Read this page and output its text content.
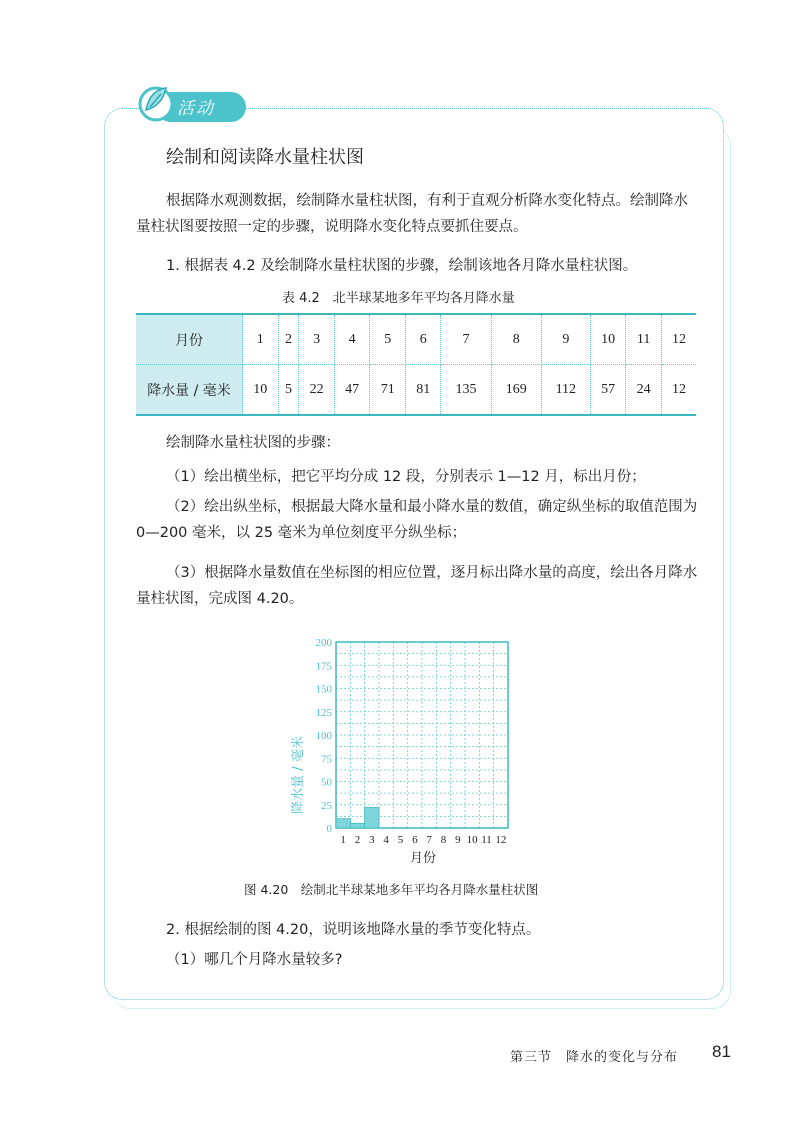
活动
绘制和阅读降水量柱状图
根据降水观测数据，绘制降水量柱状图，有利于直观分析降水变化特点。绘制降水量柱状图要按照一定的步骤，说明降水变化特点要抓住要点。
1. 根据表 4.2 及绘制降水量柱状图的步骤，绘制该地各月降水量柱状图。
表 4.2　北半球某地多年平均各月降水量
月份	1	2	3	4	5	6	7	8	9	10	11	12
降水量 / 毫米	10	5	22	47	71	81	135	169	112	57	24	12
绘制降水量柱状图的步骤：
（1）绘出横坐标，把它平均分成 12 段，分别表示 1—12 月，标出月份；
（2）绘出纵坐标，根据最大降水量和最小降水量的数值，确定纵坐标的取值范围为 0—200 毫米，以 25 毫米为单位刻度平分纵坐标；
（3）根据降水量数值在坐标图的相应位置，逐月标出降水量的高度，绘出各月降水量柱状图，完成图 4.20。
0
25
50
75
100
125
150
175
200
1 2 3 4 5 6 7 8 9 10 11 12
降水量 / 毫米
月份
图 4.20　绘制北半球某地多年平均各月降水量柱状图
2. 根据绘制的图 4.20，说明该地降水量的季节变化特点。
（1）哪几个月降水量较多?
第三节　降水的变化与分布 81
